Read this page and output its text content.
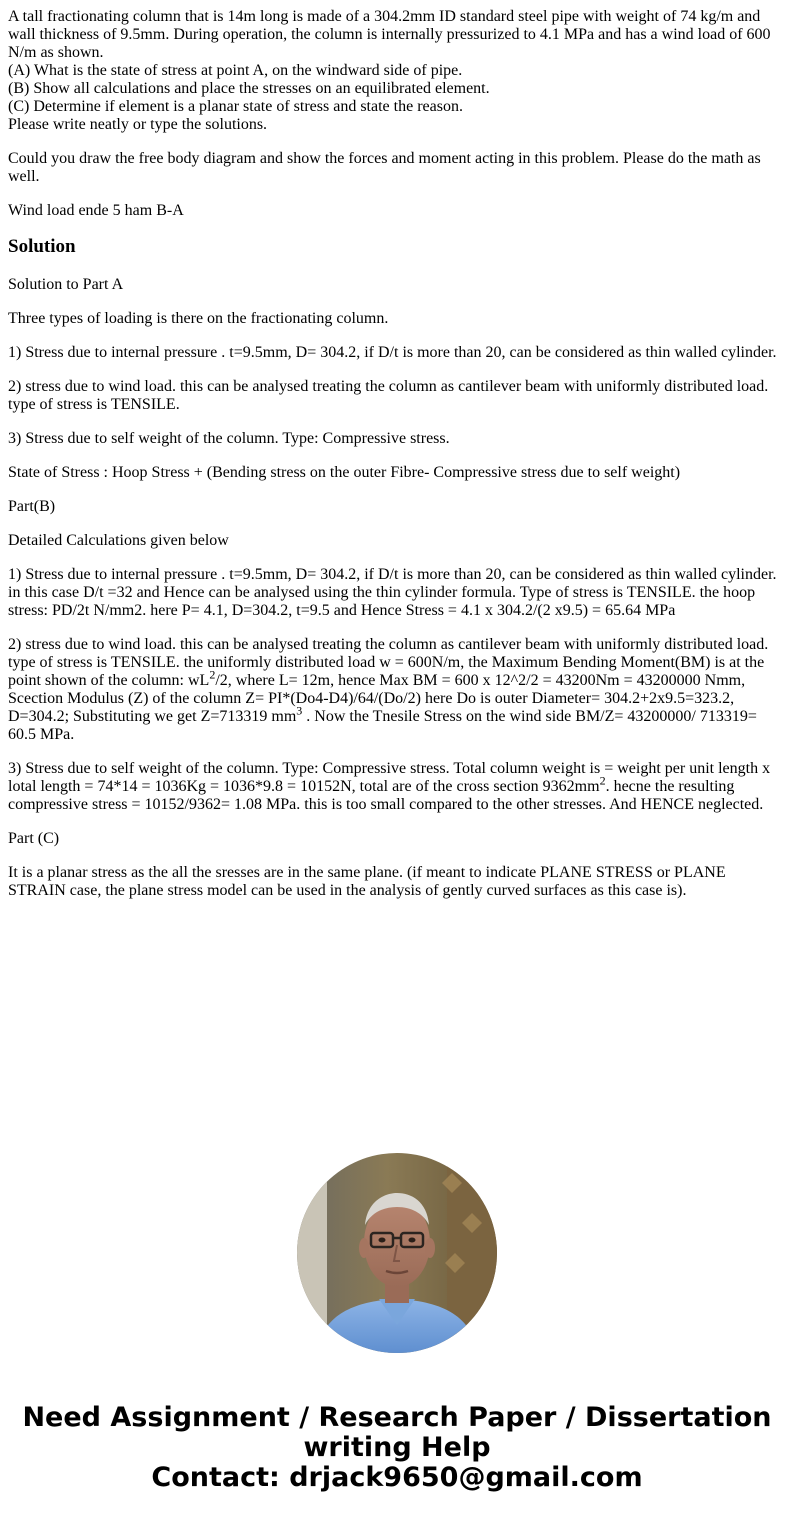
A tall fractionating column that is 14m long is made of a 304.2mm ID standard steel pipe with weight of 74 kg/m and wall thickness of 9.5mm. During operation, the column is internally pressurized to 4.1 MPa and has a wind load of 600 N/m as shown.

(A) What is the state of stress at point A, on the windward side of pipe.

(B) Show all calculations and place the stresses on an equilibrated element.

(C) Determine if element is a planar state of stress and state the reason.

Please write neatly or type the solutions.

Could you draw the free body diagram and show the forces and moment acting in this problem. Please do the math as well.

Wind load ende 5 ham B-A

Solution

Solution to Part A

Three types of loading is there on the fractionating column.

1) Stress due to internal pressure . t=9.5mm, D= 304.2, if D/t is more than 20, can be considered as thin walled cylinder.

2) stress due to wind load. this can be analysed treating the column as cantilever beam with uniformly distributed load. type of stress is TENSILE.

3) Stress due to self weight of the column. Type: Compressive stress.

State of Stress : Hoop Stress + (Bending stress on the outer Fibre- Compressive stress due to self weight)

Part(B)

Detailed Calculations given below

1) Stress due to internal pressure . t=9.5mm, D= 304.2, if D/t is more than 20, can be considered as thin walled cylinder. in this case D/t =32 and Hence can be analysed using the thin cylinder formula. Type of stress is TENSILE. the hoop stress: PD/2t N/mm2. here P= 4.1, D=304.2, t=9.5 and Hence Stress = 4.1 x 304.2/(2 x9.5) = 65.64 MPa

2) stress due to wind load. this can be analysed treating the column as cantilever beam with uniformly distributed load. type of stress is TENSILE. the uniformly distributed load w = 600N/m, the Maximum Bending Moment(BM) is at the point shown of the column: $wL^2/2$, where L= 12m, hence Max BM = 600 x 12^2/2 = 43200Nm = 43200000 Nmm, Scection Modulus (Z) of the column Z= PI*(Do4-D4)/64/(Do/2) here Do is outer Diameter= 304.2+2x9.5=323.2, D=304.2; Substituting we get Z=713319 $mm^3$ . Now the Tnesile Stress on the wind side BM/Z= 43200000/ 713319= 60.5 MPa.

3) Stress due to self weight of the column. Type: Compressive stress. Total column weight is = weight per unit length x lotal length = 74*14 = 1036Kg = 1036*9.8 = 10152N, total are of the cross section $9362mm^2$. hecne the resulting compressive stress = 10152/9362= 1.08 MPa. this is too small compared to the other stresses. And HENCE neglected.

Part (C)

It is a planar stress as the all the sresses are in the same plane. (if meant to indicate PLANE STRESS or PLANE STRAIN case, the plane stress model can be used in the analysis of gently curved surfaces as this case is).

Need Assignment / Research Paper / Dissertation
writing Help
Contact: drjack9650@gmail.com
